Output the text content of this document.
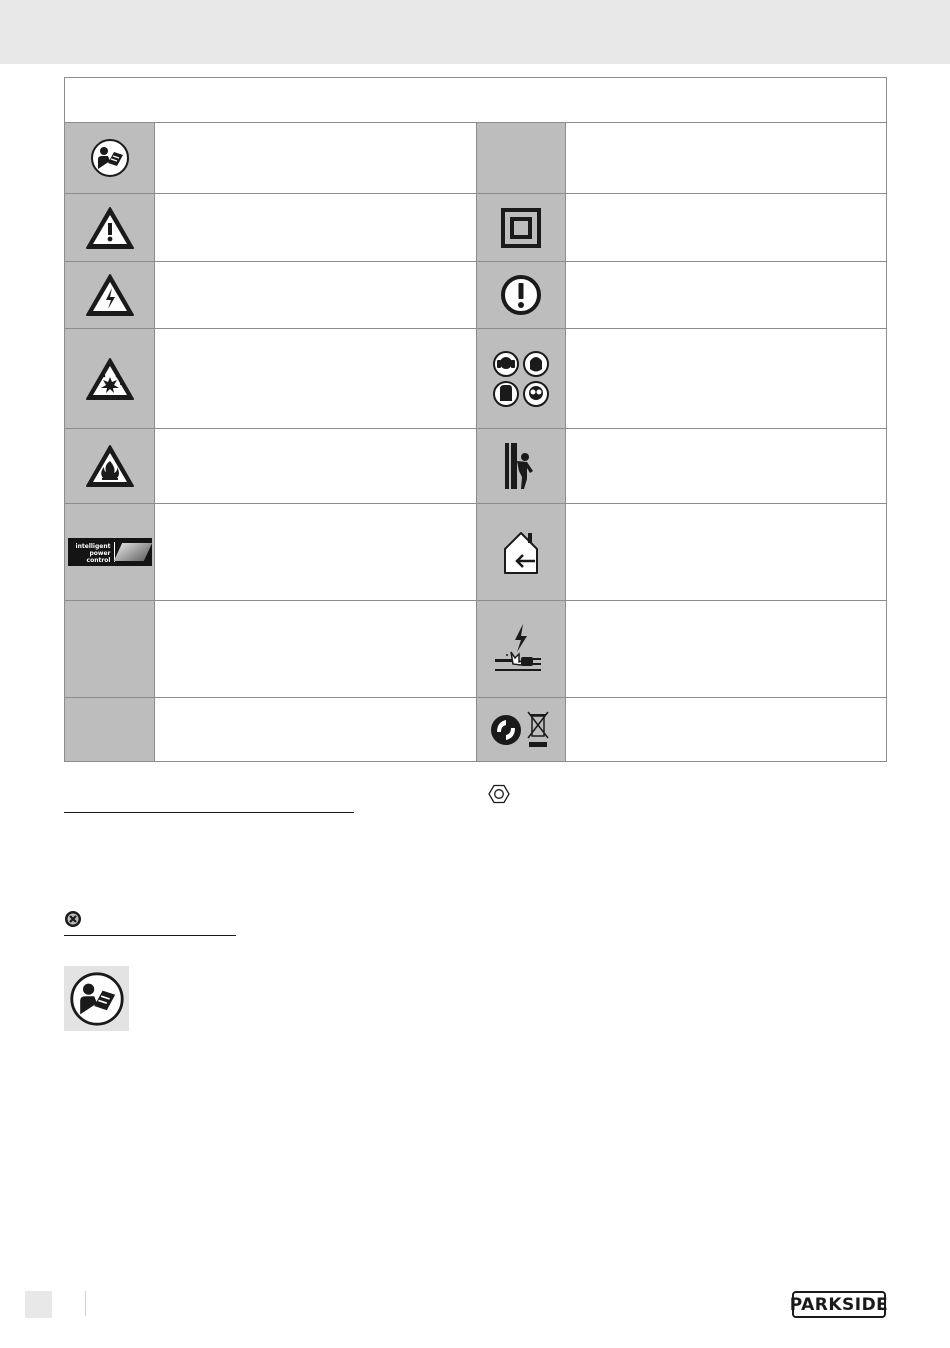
intelligent
power control
PARKSIDE
